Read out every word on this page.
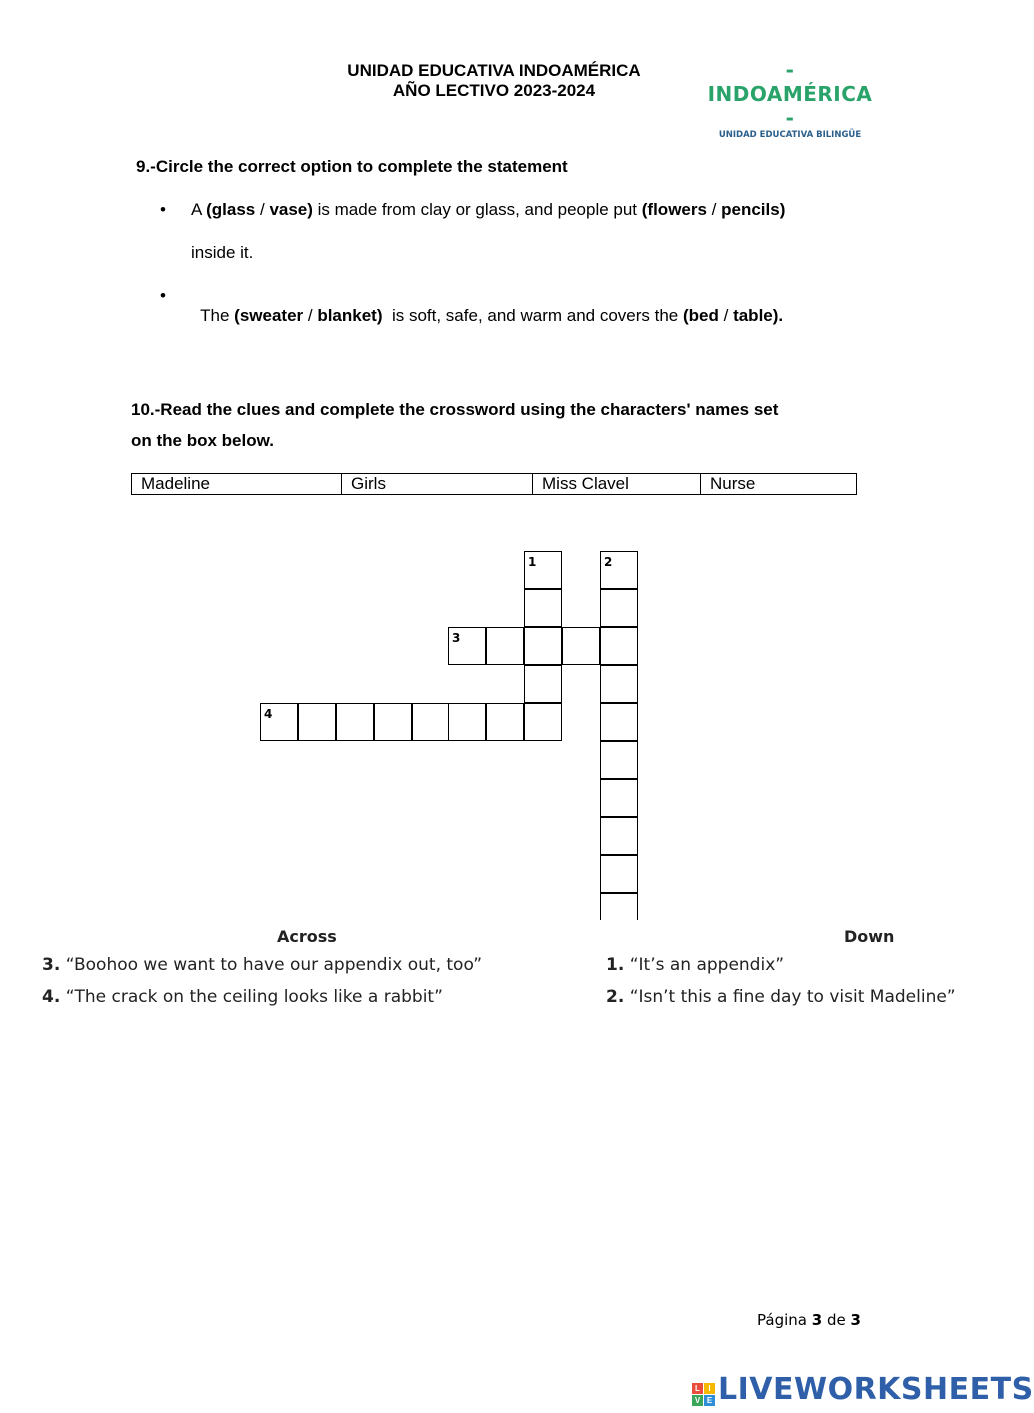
UNIDAD EDUCATIVA INDOAMÉRICA
AÑO LECTIVO 2023-2024
- INDOAMÉRICA -
UNIDAD EDUCATIVA BILINGÜE
9.-Circle the correct option to complete the statement
• A (glass / vase) is made from clay or glass, and people put (flowers / pencils)
inside it.
•

The (sweater / blanket)  is soft, safe, and warm and covers the (bed / table).

10.-Read the clues and complete the crossword using the characters' names set
on the box below.
Madeline	Girls	Miss Clavel	Nurse
1	2
3
4
Across	Down
3. “Boohoo we want to have our appendix out, too”
4. “The crack on the ceiling looks like a rabbit”
1. “It’s an appendix”
2. “Isn’t this a fine day to visit Madeline”
Página 3 de 3
L	I
V E LIVEWORKSHEETS
